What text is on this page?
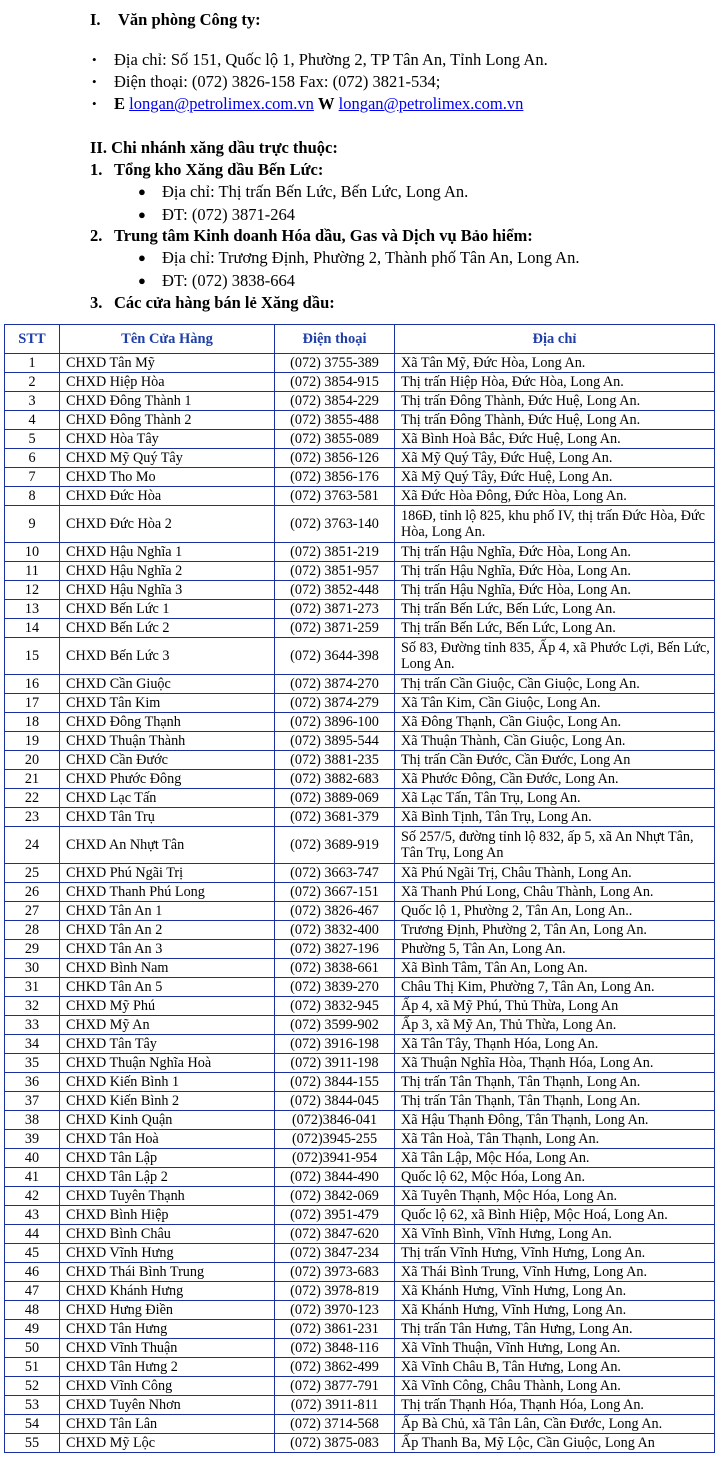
I. Văn phòng Công ty:
• Địa chỉ: Số 151, Quốc lộ 1, Phường 2, TP Tân An, Tỉnh Long An.
• Điện thoại: (072) 3826-158 Fax: (072) 3821-534;
• E longan@petrolimex.com.vn W longan@petrolimex.com.vn
II. Chi nhánh xăng dầu trực thuộc:
1. Tổng kho Xăng dầu Bến Lức:
● Địa chỉ: Thị trấn Bến Lức, Bến Lức, Long An.
● ĐT: (072) 3871-264
2. Trung tâm Kinh doanh Hóa dầu, Gas và Dịch vụ Bảo hiểm:
● Địa chỉ: Trương Định, Phường 2, Thành phố Tân An, Long An.
● ĐT: (072) 3838-664
3. Các cửa hàng bán lẻ Xăng dầu:
STT	Tên Cửa Hàng	Điện thoại	Địa chỉ
1	CHXD Tân Mỹ	(072) 3755-389	Xã Tân Mỹ, Đức Hòa, Long An.
2	CHXD Hiệp Hòa	(072) 3854-915	Thị trấn Hiệp Hòa, Đức Hòa, Long An.
3	CHXD Đông Thành 1	(072) 3854-229	Thị trấn Đông Thành, Đức Huệ, Long An.
4	CHXD Đông Thành 2	(072) 3855-488	Thị trấn Đông Thành, Đức Huệ, Long An.
5	CHXD Hòa Tây	(072) 3855-089	Xã Bình Hoà Bắc, Đức Huệ, Long An.
6	CHXD Mỹ Quý Tây	(072) 3856-126	Xã Mỹ Quý Tây, Đức Huệ, Long An.
7	CHXD Tho Mo	(072) 3856-176	Xã Mỹ Quý Tây, Đức Huệ, Long An.
8	CHXD Đức Hòa	(072) 3763-581	Xã Đức Hòa Đông, Đức Hòa, Long An.
9	CHXD Đức Hòa 2	(072) 3763-140	186Đ, tỉnh lộ 825, khu phố IV, thị trấn Đức Hòa, Đức Hòa, Long An.
10	CHXD Hậu Nghĩa 1	(072) 3851-219	Thị trấn Hậu Nghĩa, Đức Hòa, Long An.
11	CHXD Hậu Nghĩa 2	(072) 3851-957	Thị trấn Hậu Nghĩa, Đức Hòa, Long An.
12	CHXD Hậu Nghĩa 3	(072) 3852-448	Thị trấn Hậu Nghĩa, Đức Hòa, Long An.
13	CHXD Bến Lức 1	(072) 3871-273	Thị trấn Bến Lức, Bến Lức, Long An.
14	CHXD Bến Lức 2	(072) 3871-259	Thị trấn Bến Lức, Bến Lức, Long An.
15	CHXD Bến Lức 3	(072) 3644-398	Số 83, Đường tỉnh 835, Ấp 4, xã Phước Lợi, Bến Lức, Long An.
16	CHXD Cần Giuộc	(072) 3874-270	Thị trấn Cần Giuộc, Cần Giuộc, Long An.
17	CHXD Tân Kim	(072) 3874-279	Xã Tân Kim, Cần Giuộc, Long An.
18	CHXD Đông Thạnh	(072) 3896-100	Xã Đông Thạnh, Cần Giuộc, Long An.
19	CHXD Thuận Thành	(072) 3895-544	Xã Thuận Thành, Cần Giuộc, Long An.
20	CHXD Cần Đước	(072) 3881-235	Thị trấn Cần Đước, Cần Đước, Long An
21	CHXD Phước Đông	(072) 3882-683	Xã Phước Đông, Cần Đước, Long An.
22	CHXD Lạc Tấn	(072) 3889-069	Xã Lạc Tấn, Tân Trụ, Long An.
23	CHXD Tân Trụ	(072) 3681-379	Xã Bình Tịnh, Tân Trụ, Long An.
24	CHXD An Nhựt Tân	(072) 3689-919	Số 257/5, đường tỉnh lộ 832, ấp 5, xã An Nhựt Tân, Tân Trụ, Long An
25	CHXD Phú Ngãi Trị	(072) 3663-747	Xã Phú Ngãi Trị, Châu Thành, Long An.
26	CHXD Thanh Phú Long	(072) 3667-151	Xã Thanh Phú Long, Châu Thành, Long An.
27	CHXD Tân An 1	(072) 3826-467	Quốc lộ 1, Phường 2, Tân An, Long An..
28	CHXD Tân An 2	(072) 3832-400	Trương Định, Phường 2, Tân An, Long An.
29	CHXD Tân An 3	(072) 3827-196	Phường 5, Tân An, Long An.
30	CHXD Bình Nam	(072) 3838-661	Xã Bình Tâm, Tân An, Long An.
31	CHKD Tân An 5	(072) 3839-270	Châu Thị Kim, Phường 7, Tân An, Long An.
32	CHXD Mỹ Phú	(072) 3832-945	Ấp 4, xã Mỹ Phú, Thủ Thừa, Long An
33	CHXD Mỹ An	(072) 3599-902	Ấp 3, xã Mỹ An, Thủ Thừa, Long An.
34	CHXD Tân Tây	(072) 3916-198	Xã Tân Tây, Thạnh Hóa, Long An.
35	CHXD Thuận Nghĩa Hoà	(072) 3911-198	Xã Thuận Nghĩa Hòa, Thạnh Hóa, Long An.
36	CHXD Kiến Bình 1	(072) 3844-155	Thị trấn Tân Thạnh, Tân Thạnh, Long An.
37	CHXD Kiến Bình 2	(072) 3844-045	Thị trấn Tân Thạnh, Tân Thạnh, Long An.
38	CHXD Kinh Quận	(072)3846-041	Xã Hậu Thạnh Đông, Tân Thạnh, Long An.
39	CHXD Tân Hoà	(072)3945-255	Xã Tân Hoà, Tân Thạnh, Long An.
40	CHXD Tân Lập	(072)3941-954	Xã Tân Lập, Mộc Hóa, Long An.
41	CHXD Tân Lập 2	(072) 3844-490	Quốc lộ 62, Mộc Hóa, Long An.
42	CHXD Tuyên Thạnh	(072) 3842-069	Xã Tuyên Thạnh, Mộc Hóa, Long An.
43	CHXD Bình Hiệp	(072) 3951-479	Quốc lộ 62, xã Bình Hiệp, Mộc Hoá, Long An.
44	CHXD Bình Châu	(072) 3847-620	Xã Vĩnh Bình, Vĩnh Hưng, Long An.
45	CHXD Vĩnh Hưng	(072) 3847-234	Thị trấn Vĩnh Hưng, Vĩnh Hưng, Long An.
46	CHXD Thái Bình Trung	(072) 3973-683	Xã Thái Bình Trung, Vĩnh Hưng, Long An.
47	CHXD Khánh Hưng	(072) 3978-819	Xã Khánh Hưng, Vĩnh Hưng, Long An.
48	CHXD Hưng Điền	(072) 3970-123	Xã Khánh Hưng, Vĩnh Hưng, Long An.
49	CHXD Tân Hưng	(072) 3861-231	Thị trấn Tân Hưng, Tân Hưng, Long An.
50	CHXD Vĩnh Thuận	(072) 3848-116	Xã Vĩnh Thuận, Vĩnh Hưng, Long An.
51	CHXD Tân Hưng 2	(072) 3862-499	Xã Vĩnh Châu B, Tân Hưng, Long An.
52	CHXD Vĩnh Công	(072) 3877-791	Xã Vĩnh Công, Châu Thành, Long An.
53	CHXD Tuyên Nhơn	(072) 3911-811	Thị trấn Thạnh Hóa, Thạnh Hóa, Long An.
54	CHXD Tân Lân	(072) 3714-568	Ấp Bà Chủ, xã Tân Lân, Cần Đước, Long An.
55	CHXD Mỹ Lộc	(072) 3875-083	Ấp Thanh Ba, Mỹ Lộc, Cần Giuộc, Long An
